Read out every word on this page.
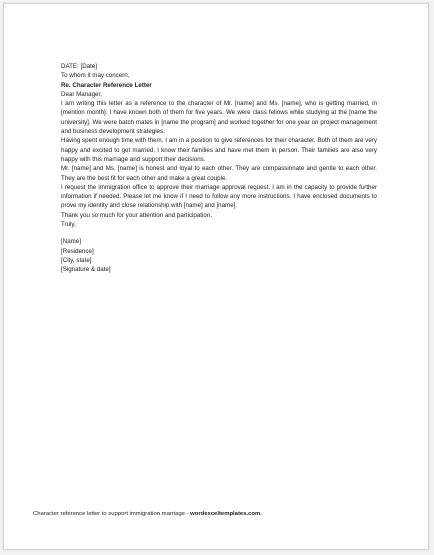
DATE: [Date]

To whom it may concern,

Re. Character Reference Letter

Dear Manager,

I am writing this letter as a reference to the character of Mr. [name] and Ms. [name], who is getting married, in [mention month]. I have known both of them for five years. We were class fellows while studying at the [name the university]. We were batch mates in [name the program] and worked together for one year on project management and business development strategies.

Having spent enough time with them, I am in a position to give references for their character. Both of them are very happy and excited to get married. I know their families and have met them in person. Their families are also very happy with this marriage and support their decisions.

Mr. [name] and Ms. [name] is honest and loyal to each other. They are compassionate and gentle to each other. They are the best fit for each other and make a great couple.

I request the immigration office to approve their marriage approval request. I am in the capacity to provide further information if needed. Please let me know if I need to follow any more instructions. I have enclosed documents to prove my identity and close relationship with [name] and [name].

Thank you so much for your attention and participation.

Truly,

[Name]

[Residence]

[City, state]

[Signature & date]

Character reference letter to support immigration marriage - wordexceltemplates.com.
